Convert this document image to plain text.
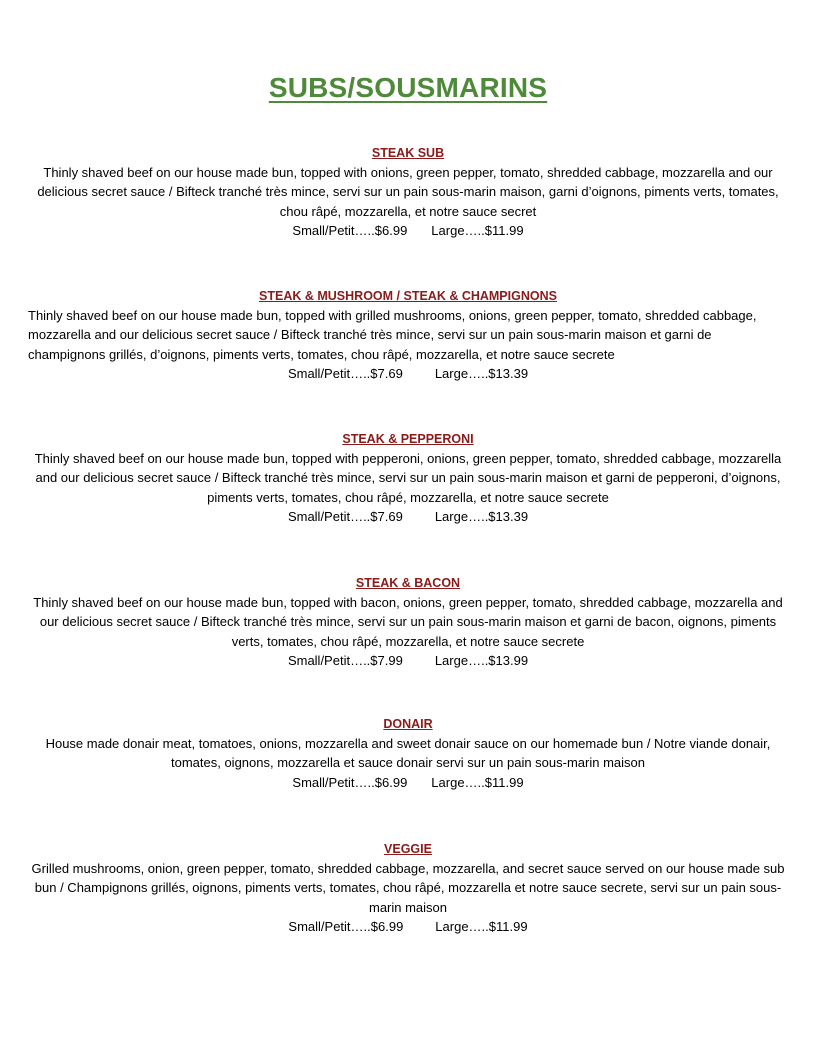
SUBS/SOUSMARINS
STEAK SUB
Thinly shaved beef on our house made bun, topped with onions, green pepper, tomato, shredded cabbage, mozzarella and our delicious secret sauce / Bifteck tranché très mince, servi sur un pain sous-marin maison, garni d’oignons, piments verts, tomates, chou râpé, mozzarella, et notre sauce secret
Small/Petit…..$6.99 Large…..$11.99
STEAK & MUSHROOM / STEAK & CHAMPIGNONS
Thinly shaved beef on our house made bun, topped with grilled mushrooms, onions, green pepper, tomato, shredded cabbage, mozzarella and our delicious secret sauce / Bifteck tranché très mince, servi sur un pain sous-marin maison et garni de champignons grillés, d’oignons, piments verts, tomates, chou râpé, mozzarella, et notre sauce secrete
Small/Petit…..$7.69 Large…..$13.39
STEAK & PEPPERONI
Thinly shaved beef on our house made bun, topped with pepperoni, onions, green pepper, tomato, shredded cabbage, mozzarella and our delicious secret sauce / Bifteck tranché très mince, servi sur un pain sous-marin maison et garni de pepperoni, d’oignons, piments verts, tomates, chou râpé, mozzarella, et notre sauce secrete
Small/Petit…..$7.69 Large…..$13.39
STEAK & BACON
Thinly shaved beef on our house made bun, topped with bacon, onions, green pepper, tomato, shredded cabbage, mozzarella and our delicious secret sauce / Bifteck tranché très mince, servi sur un pain sous-marin maison et garni de bacon, oignons, piments verts, tomates, chou râpé, mozzarella, et notre sauce secrete
Small/Petit…..$7.99 Large…..$13.99
DONAIR
House made donair meat, tomatoes, onions, mozzarella and sweet donair sauce on our homemade bun / Notre viande donair, tomates, oignons, mozzarella et sauce donair servi sur un pain sous-marin maison
Small/Petit…..$6.99 Large…..$11.99
VEGGIE
Grilled mushrooms, onion, green pepper, tomato, shredded cabbage, mozzarella, and secret sauce served on our house made sub bun / Champignons grillés, oignons, piments verts, tomates, chou râpé, mozzarella et notre sauce secrete, servi sur un pain sous-marin maison
Small/Petit…..$6.99 Large…..$11.99
